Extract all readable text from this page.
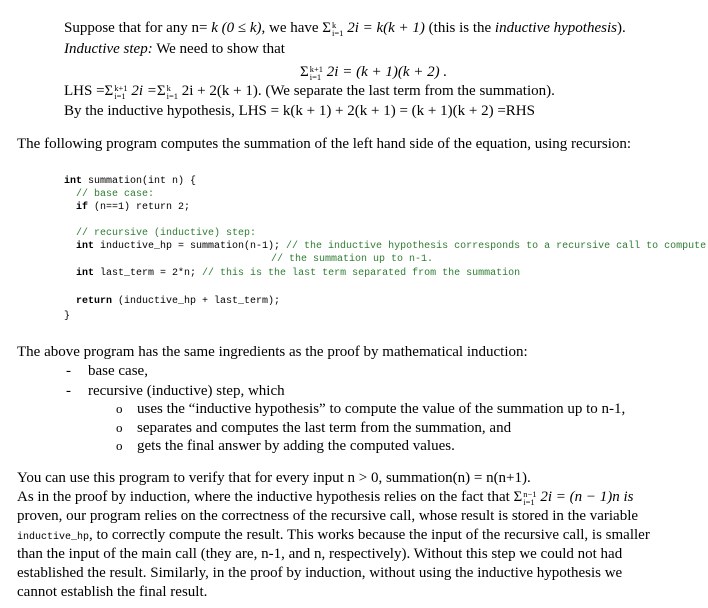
Suppose that for any n= k (0 ≤ k), we have Σ k
i=1 2i = k(k + 1) (this is the inductive hypothesis).
Inductive step: We need to show that
Σ k+1
i=1 2i = (k + 1)(k + 2) .
LHS =Σ k+1
i=1 2i =Σ k
i=1 2i + 2(k + 1). (We separate the last term from the summation).
By the inductive hypothesis, LHS = k(k + 1) + 2(k + 1) = (k + 1)(k + 2) =RHS
The following program computes the summation of the left hand side of the equation, using recursion:
int summation(int n) {
// base case:
if (n==1) return 2;
// recursive (inductive) step:
int inductive_hp = summation(n-1); // the inductive hypothesis corresponds to a recursive call to compute
// the summation up to n-1.
int last_term = 2*n; // this is the last term separated from the summation
return (inductive_hp + last_term);
}
The above program has the same ingredients as the proof by mathematical induction:
- base case,
- recursive (inductive) step, which
o uses the “inductive hypothesis” to compute the value of the summation up to n-1,
o separates and computes the last term from the summation, and
o gets the final answer by adding the computed values.
You can use this program to verify that for every input n > 0, summation(n) = n(n+1).
As in the proof by induction, where the inductive hypothesis relies on the fact that Σ n−1
i=1 2i = (n − 1)n is
proven, our program relies on the correctness of the recursive call, whose result is stored in the variable
inductive_hp, to correctly compute the result. This works because the input of the recursive call, is smaller
than the input of the main call (they are, n-1, and n, respectively). Without this step we could not had
established the result. Similarly, in the proof by induction, without using the inductive hypothesis we
cannot establish the final result.
